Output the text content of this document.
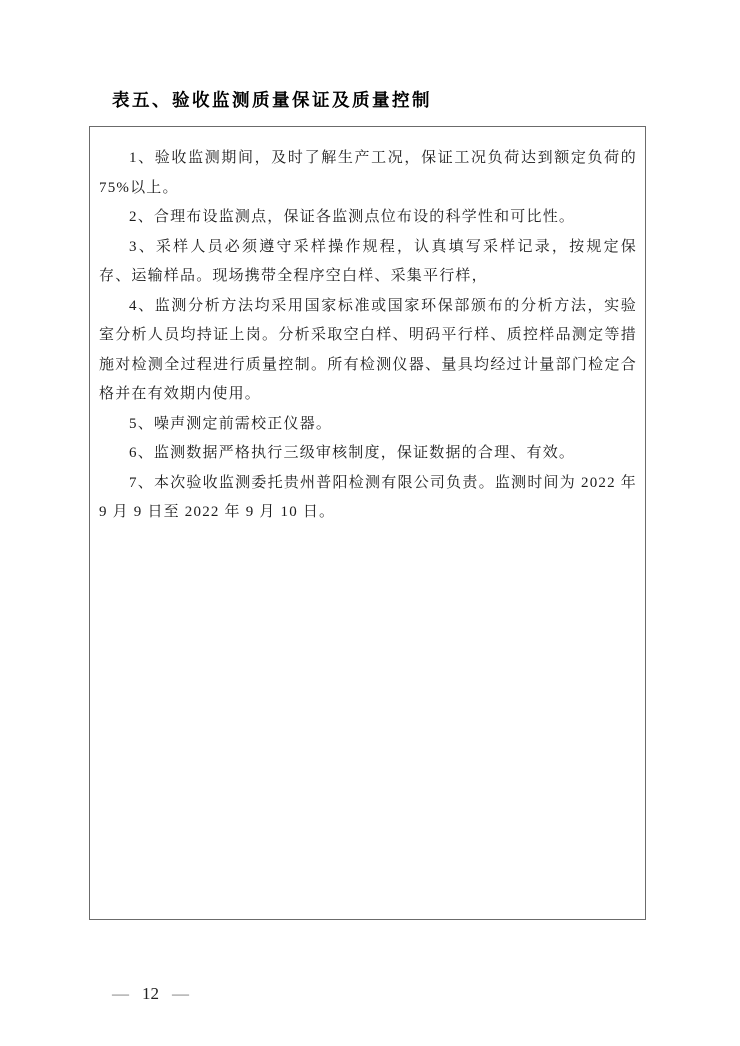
表五、验收监测质量保证及质量控制

1、验收监测期间，及时了解生产工况，保证工况负荷达到额定负荷的 75%以上。

2、合理布设监测点，保证各监测点位布设的科学性和可比性。

3、采样人员必须遵守采样操作规程，认真填写采样记录，按规定保存、运输样品。现场携带全程序空白样、采集平行样，

4、监测分析方法均采用国家标准或国家环保部颁布的分析方法，实验室分析人员均持证上岗。分析采取空白样、明码平行样、质控样品测定等措施对检测全过程进行质量控制。所有检测仪器、量具均经过计量部门检定合格并在有效期内使用。

5、噪声测定前需校正仪器。

6、监测数据严格执行三级审核制度，保证数据的合理、有效。

7、本次验收监测委托贵州普阳检测有限公司负责。监测时间为 2022 年 9 月 9 日至 2022 年 9 月 10 日。

— 12 —
